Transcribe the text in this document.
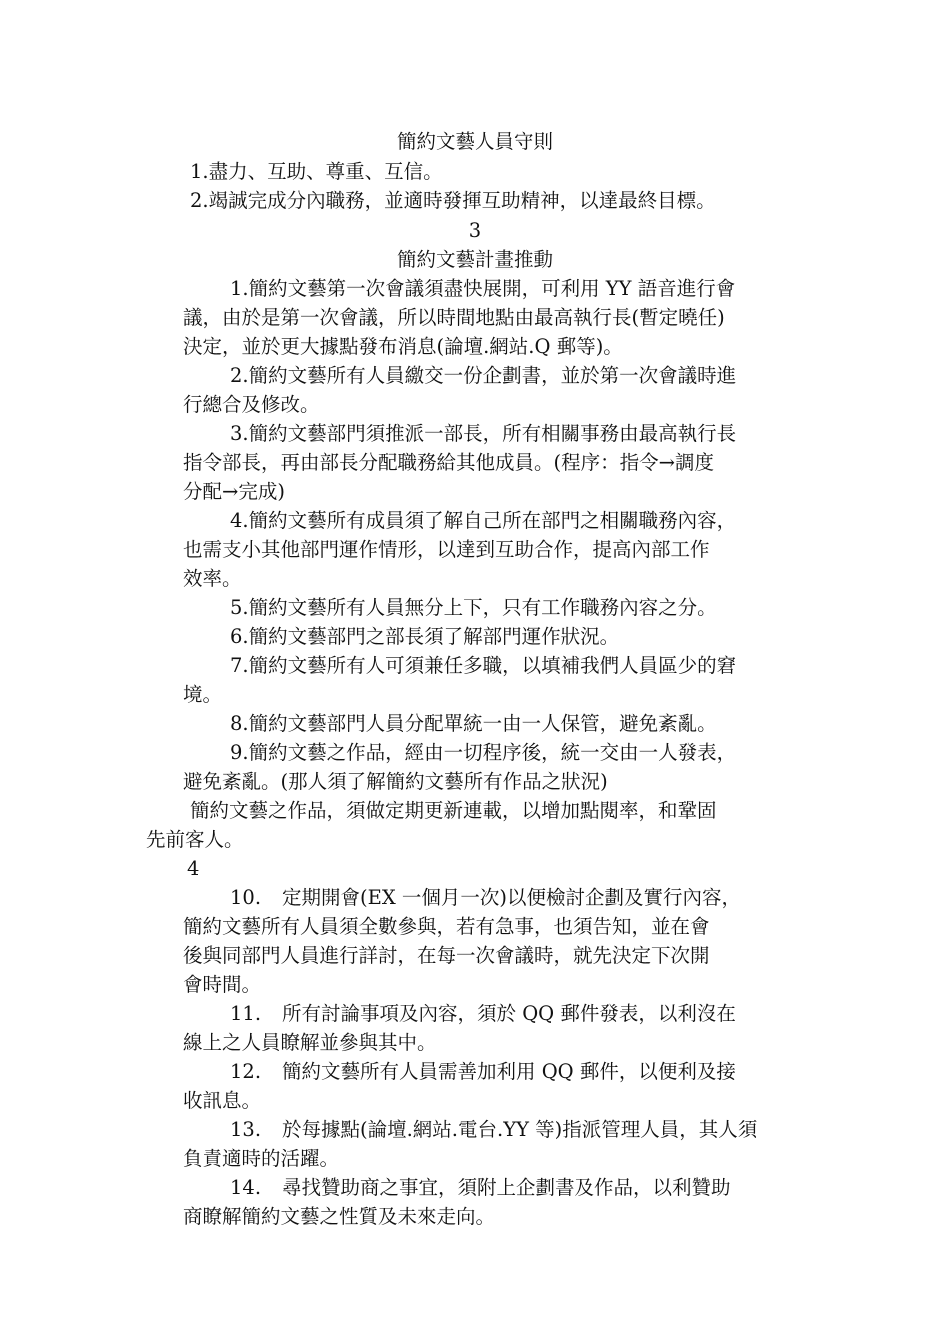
簡約文藝人員守則
1.盡力、互助、尊重、互信。
2.竭誠完成分內職務，並適時發揮互助精神，以達最終目標。
3
簡約文藝計畫推動
1.簡約文藝第一次會議須盡快展開，可利用 YY 語音進行會
議，由於是第一次會議，所以時間地點由最高執行長(暫定曉任)
決定，並於更大據點發布消息(論壇.網站.Q 郵等)。
2.簡約文藝所有人員繳交一份企劃書，並於第一次會議時進
行總合及修改。
3.簡約文藝部門須推派一部長，所有相關事務由最高執行長
指令部長，再由部長分配職務給其他成員。(程序：指令→調度
分配→完成)
4.簡約文藝所有成員須了解自己所在部門之相關職務內容，
也需支小其他部門運作情形，以達到互助合作，提高內部工作
效率。
5.簡約文藝所有人員無分上下，只有工作職務內容之分。
6.簡約文藝部門之部長須了解部門運作狀況。
7.簡約文藝所有人可須兼任多職，以填補我們人員區少的窘
境。
8.簡約文藝部門人員分配單統一由一人保管，避免紊亂。
9.簡約文藝之作品，經由一切程序後，統一交由一人發表，
避免紊亂。(那人須了解簡約文藝所有作品之狀況)
簡約文藝之作品，須做定期更新連載，以增加點閱率，和鞏固
先前客人。
4
10. 定期開會(EX 一個月一次)以便檢討企劃及實行內容，
簡約文藝所有人員須全數參與，若有急事，也須告知，並在會
後與同部門人員進行詳討，在每一次會議時，就先決定下次開
會時間。
11. 所有討論事項及內容，須於 QQ 郵件發表，以利沒在
線上之人員瞭解並參與其中。
12. 簡約文藝所有人員需善加利用 QQ 郵件，以便利及接
收訊息。
13. 於每據點(論壇.網站.電台.YY 等)指派管理人員，其人須
負責適時的活躍。
14. 尋找贊助商之事宜，須附上企劃書及作品，以利贊助
商瞭解簡約文藝之性質及未來走向。
